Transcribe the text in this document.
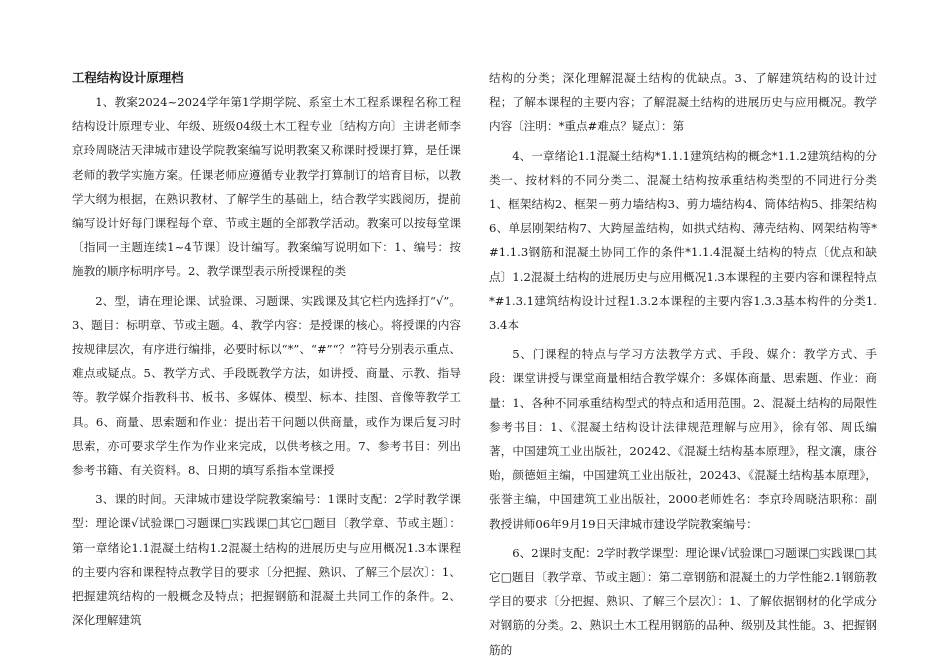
工程结构设计原理档

1、教案2024~2024学年第1学期学院、系室土木工程系课程名称工程结构设计原理专业、年级、班级04级土木工程专业〔结构方向〕主讲老师李京玲周晓洁天津城市建设学院教案编写说明教案又称课时授课打算，是任课老师的教学实施方案。任课老师应遵循专业教学打算制订的培育目标，以教学大纲为根据，在熟识教材、了解学生的基础上，结合教学实践阅历，提前编写设计好每门课程每个章、节或主题的全部教学活动。教案可以按每堂课〔指同一主题连续1~4节课〕设计编写。教案编写说明如下：1、编号：按施教的顺序标明序号。2、教学课型表示所授课程的类

2、型，请在理论课、试验课、习题课、实践课及其它栏内选择打“√”。3、题目：标明章、节或主题。4、教学内容：是授课的核心。将授课的内容按规律层次，有序进行编排，必要时标以“*”、“#”“？”符号分别表示重点、难点或疑点。5、教学方式、手段既教学方法，如讲授、商量、示教、指导等。教学媒介指教科书、板书、多媒体、模型、标本、挂图、音像等教学工具。6、商量、思索题和作业：提出若干问题以供商量，或作为课后复习时思索，亦可要求学生作为作业来完成，以供考核之用。7、参考书目：列出参考书籍、有关资料。8、日期的填写系指本堂课授

3、课的时间。天津城市建设学院教案编号：1课时支配：2学时教学课型：理论课√试验课□习题课□实践课□其它□题目〔教学章、节或主题〕：第一章绪论1.1混凝土结构1.2混凝土结构的进展历史与应用概况1.3本课程的主要内容和课程特点教学目的要求〔分把握、熟识、了解三个层次〕：1、把握建筑结构的一般概念及特点；把握钢筋和混凝土共同工作的条件。2、深化理解建筑

结构的分类；深化理解混凝土结构的优缺点。3、了解建筑结构的设计过程；了解本课程的主要内容；了解混凝土结构的进展历史与应用概况。教学内容〔注明：*重点#难点？疑点〕：第

4、一章绪论1.1混凝土结构*1.1.1建筑结构的概念*1.1.2建筑结构的分类一、按材料的不同分类二、混凝土结构按承重结构类型的不同进行分类1、框架结构2、框架－剪力墙结构3、剪力墙结构4、筒体结构5、排架结构6、单层刚架结构7、大跨屋盖结构，如拱式结构、薄壳结构、网架结构等*#1.1.3钢筋和混凝土协同工作的条件*1.1.4混凝土结构的特点〔优点和缺点〕1.2混凝土结构的进展历史与应用概况1.3本课程的主要内容和课程特点*#1.3.1建筑结构设计过程1.3.2本课程的主要内容1.3.3基本构件的分类1.3.4本

5、门课程的特点与学习方法教学方式、手段、媒介：教学方式、手段：课堂讲授与课堂商量相结合教学媒介：多媒体商量、思索题、作业：商量：1、各种不同承重结构型式的特点和适用范围。2、混凝土结构的局限性参考书目：1、《混凝土结构设计法律规范理解与应用》，徐有邻、周氐编著，中国建筑工业出版社，20242、《混凝土结构基本原理》，程文瀼，康谷贻，颜德姮主编，中国建筑工业出版社，20243、《混凝土结构基本原理》，张誉主编，中国建筑工业出版社，2000老师姓名：李京玲周晓洁职称：副教授讲师06年9月19日天津城市建设学院教案编号：

6、2课时支配：2学时教学课型：理论课√试验课□习题课□实践课□其它□题目〔教学章、节或主题〕：第二章钢筋和混凝土的力学性能2.1钢筋教学目的要求〔分把握、熟识、了解三个层次〕：1、了解依据钢材的化学成分对钢筋的分类。2、熟识土木工程用钢筋的品种、级别及其性能。3、把握钢筋的
